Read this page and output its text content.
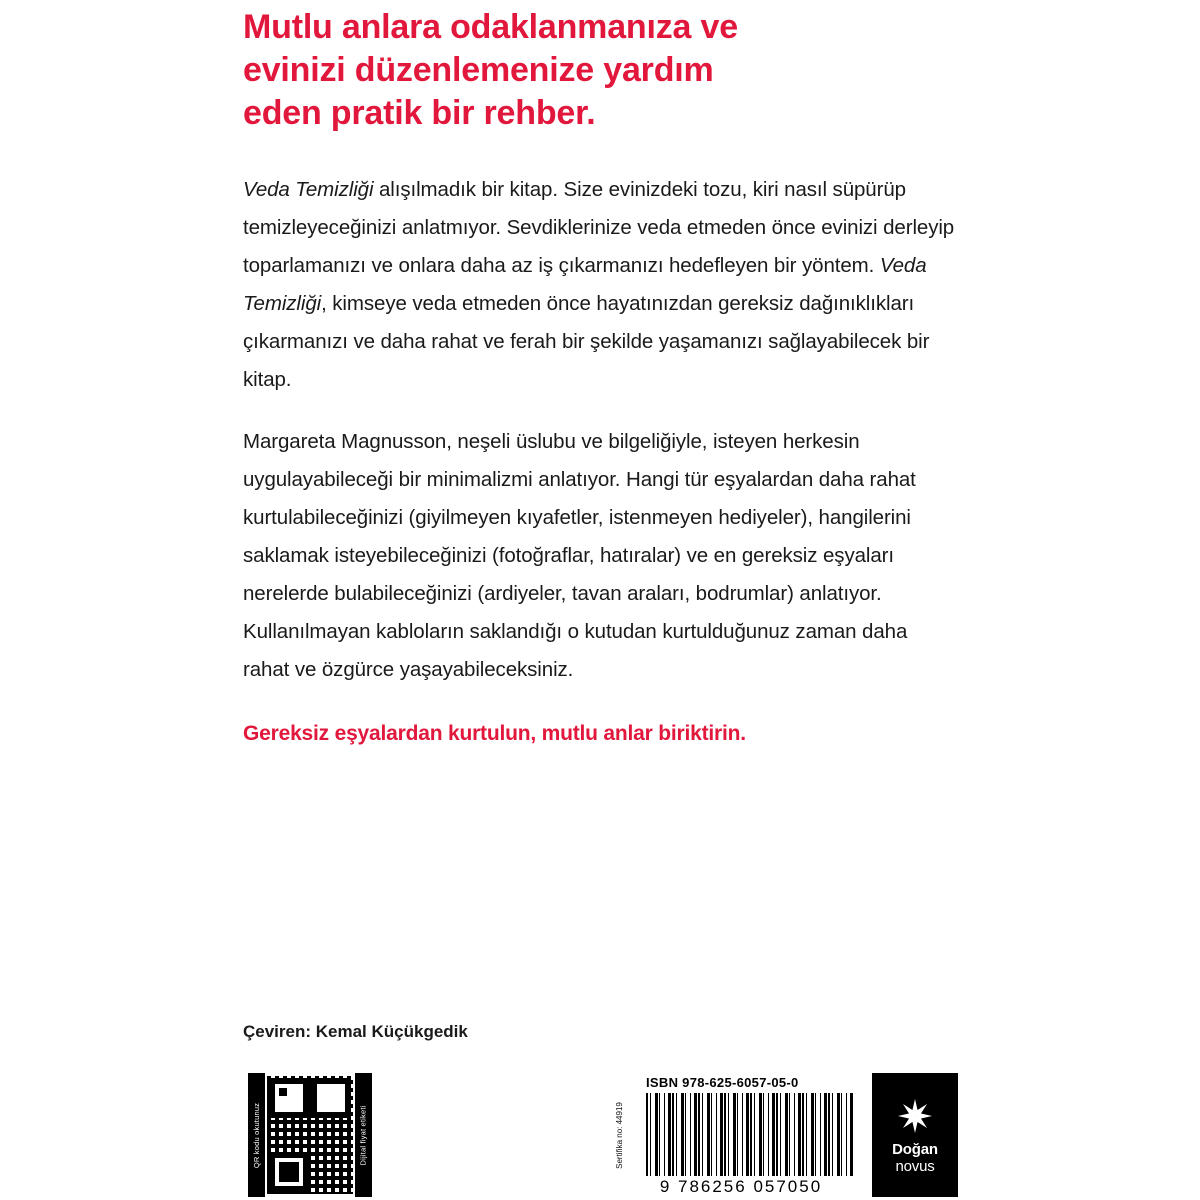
Mutlu anlara odaklanmanıza ve
evinizi düzenlemenize yardım
eden pratik bir rehber.

Veda Temizliği alışılmadık bir kitap. Size evinizdeki tozu, kiri nasıl süpürüp temizleyeceğinizi anlatmıyor. Sevdiklerinize veda etmeden önce evinizi derleyip toparlamanızı ve onlara daha az iş çıkarmanızı hedefleyen bir yöntem. Veda Temizliği, kimseye veda etmeden önce hayatınızdan gereksiz dağınıklıkları çıkarmanızı ve daha rahat ve ferah bir şekilde yaşamanızı sağlayabilecek bir kitap.

Margareta Magnusson, neşeli üslubu ve bilgeliğiyle, isteyen herkesin uygulayabileceği bir minimalizmi anlatıyor. Hangi tür eşyalardan daha rahat kurtulabileceğinizi (giyilmeyen kıyafetler, istenmeyen hediyeler), hangilerini saklamak isteyebileceğinizi (fotoğraflar, hatıralar) ve en gereksiz eşyaları nerelerde bulabileceğinizi (ardiyeler, tavan araları, bodrumlar) anlatıyor. Kullanılmayan kabloların saklandığı o kutudan kurtulduğunuz zaman daha rahat ve özgürce yaşayabileceksiniz.

Gereksiz eşyalardan kurtulun, mutlu anlar biriktirin.

Çeviren: Kemal Küçükgedik
QR kodu okutunuz	Dijital fiyat etiketi	Sertifika no: 44919
ISBN 978-625-6057-05-0
9 786256 057050
Doğan
novus
